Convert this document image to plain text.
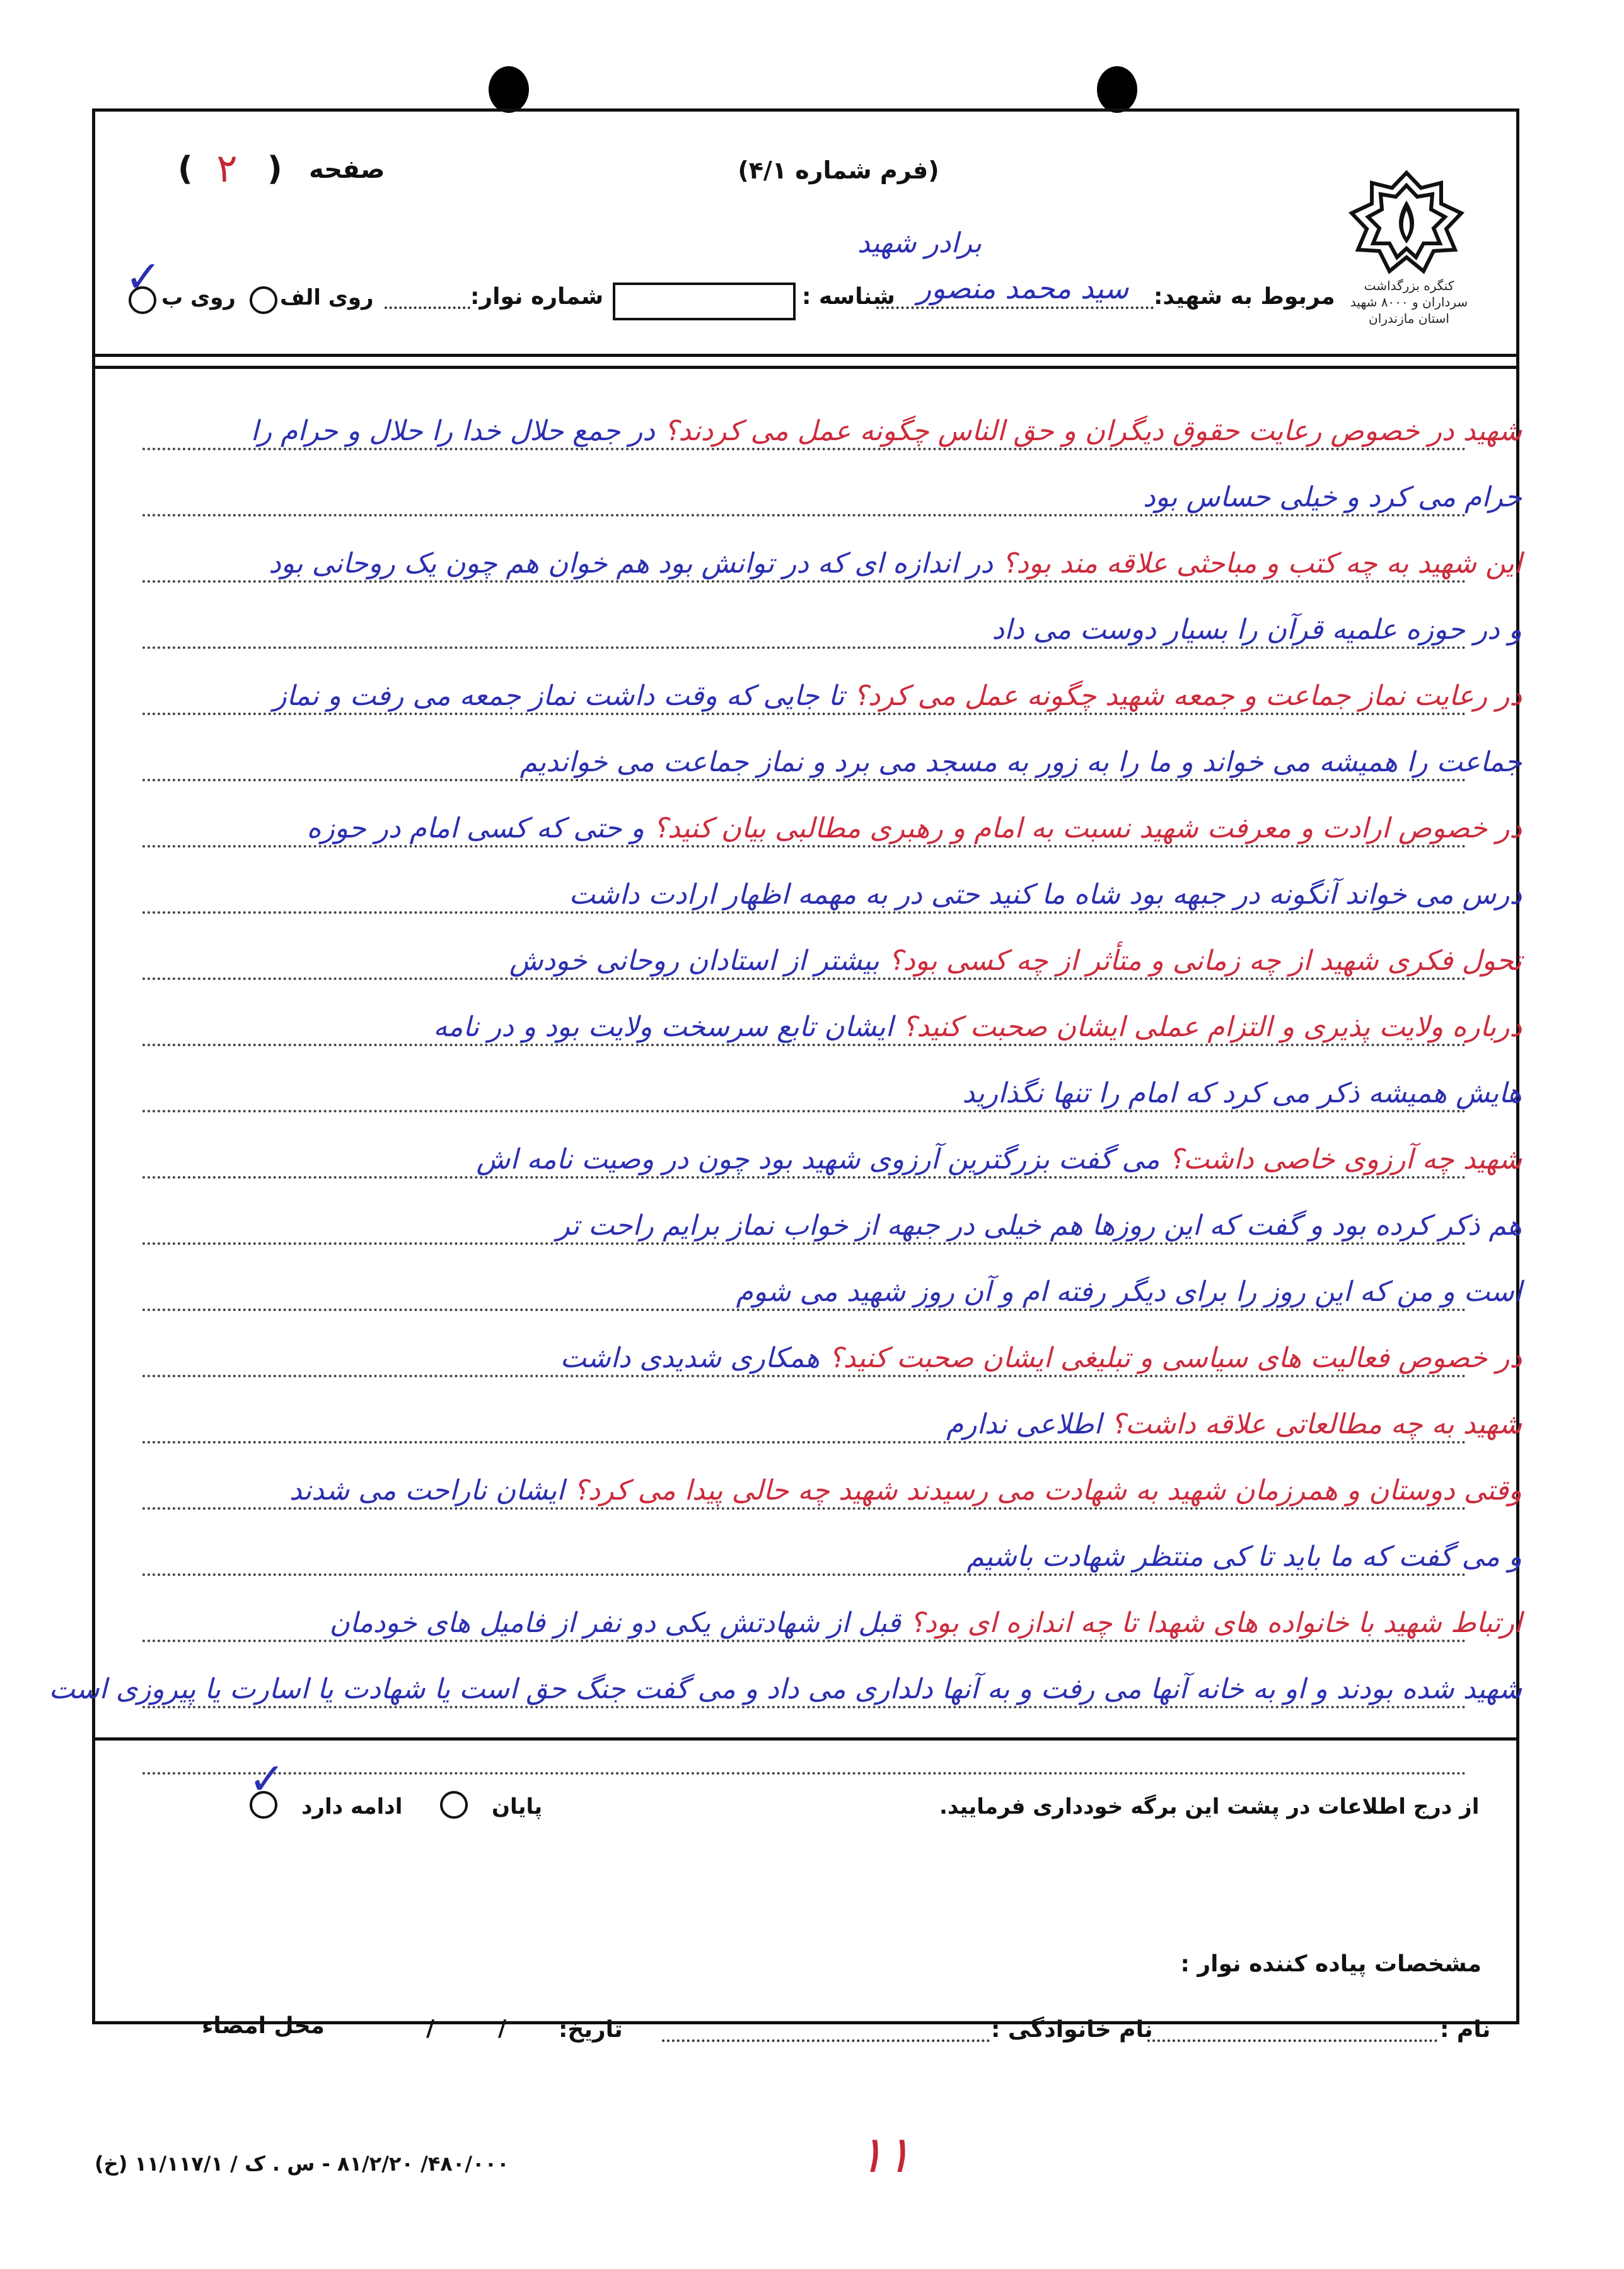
کنگره بزرگداشت سرداران و ۸۰۰۰ شهید استان مازندران
(فرم شماره ۴/۱)
صفحه
(
۲
)
برادر شهید
مربوط به شهید:
سید محمد منصور
شناسه :
شماره نوار:
روی الف
روی ب
✓
شهید در خصوص رعایت حقوق دیگران و حق الناس چگونه عمل می کردند؟ در جمع حلال خدا را حلال و حرام را
حرام می کرد و خیلی حساس بود
این شهید به چه کتب و مباحثی علاقه مند بود؟ در اندازه ای که در توانش بود هم خوان هم چون یک روحانی بود
و در حوزه علمیه قرآن را بسیار دوست می داد
در رعایت نماز جماعت و جمعه شهید چگونه عمل می کرد؟ تا جایی که وقت داشت نماز جمعه می رفت و نماز
جماعت را همیشه می خواند و ما را به زور به مسجد می برد و نماز جماعت می خواندیم
در خصوص ارادت و معرفت شهید نسبت به امام و رهبری مطالبی بیان کنید؟ و حتی که کسی امام در حوزه
درس می خواند آنگونه در جبهه بود شاه ما کنید حتی در به مهمه اظهار ارادت داشت
تحول فکری شهید از چه زمانی و متأثر از چه کسی بود؟ بیشتر از استادان روحانی خودش
درباره ولایت پذیری و التزام عملی ایشان صحبت کنید؟ ایشان تابع سرسخت ولایت بود و در نامه
هایش همیشه ذکر می کرد که امام را تنها نگذارید
شهید چه آرزوی خاصی داشت؟ می گفت بزرگترین آرزوی شهید بود چون در وصیت نامه اش
هم ذکر کرده بود و گفت که این روزها هم خیلی در جبهه از خواب نماز برایم راحت تر
است و من که این روز را برای دیگر رفته ام و آن روز شهید می شوم
در خصوص فعالیت های سیاسی و تبلیغی ایشان صحبت کنید؟ همکاری شدیدی داشت
شهید به چه مطالعاتی علاقه داشت؟ اطلاعی ندارم
وقتی دوستان و همرزمان شهید به شهادت می رسیدند شهید چه حالی پیدا می کرد؟ ایشان ناراحت می شدند
و می گفت که ما باید تا کی منتظر شهادت باشیم
ارتباط شهید با خانواده های شهدا تا چه اندازه ای بود؟ قبل از شهادتش یکی دو نفر از فامیل های خودمان
شهید شده بودند و او به خانه آنها می رفت و به آنها دلداری می داد و می گفت جنگ حق است یا شهادت یا اسارت یا پیروزی است
از درج اطلاعات در پشت این برگه خودداری فرمایید.
پایان
ادامه دارد
✓
مشخصات پیاده کننده نوار :
نام :
نام خانوادگی :
تاریخ:
/
/
محل امضاء
۱۱
(خ) ۴۸۰/۰۰۰/ ۸۱/۲/۲۰ - س . ک / ۱۱/۱۱۷/۱
